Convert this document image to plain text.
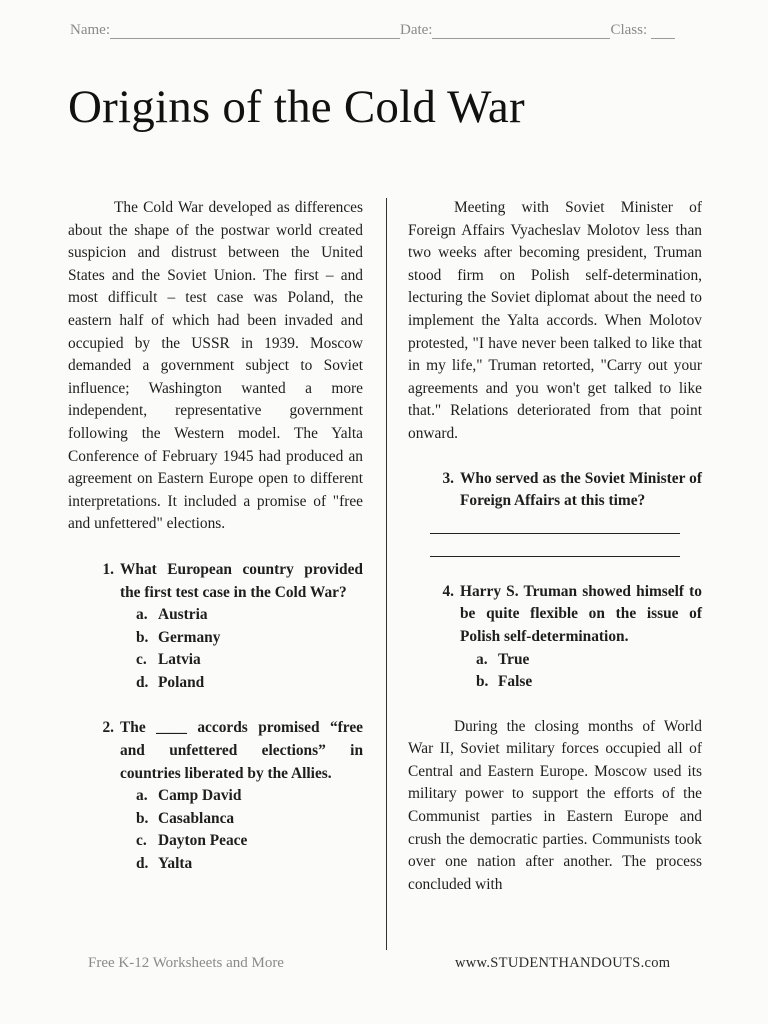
Name:	Date:	Class:
Origins of the Cold War

The Cold War developed as differences about the shape of the postwar world created suspicion and distrust between the United States and the Soviet Union. The first – and most difficult – test case was Poland, the eastern half of which had been invaded and occupied by the USSR in 1939. Moscow demanded a government subject to Soviet influence; Washington wanted a more independent, representative government following the Western model. The Yalta Conference of February 1945 had produced an agreement on Eastern Europe open to different interpretations. It included a promise of "free and unfettered" elections.

1. What European country provided the first test case in the Cold War?
a. Austria
b. Germany
c. Latvia
d. Poland
2. The ____ accords promised “free and unfettered elections” in countries liberated by the Allies.
a. Camp David
b. Casablanca
c. Dayton Peace
d. Yalta

Meeting with Soviet Minister of Foreign Affairs Vyacheslav Molotov less than two weeks after becoming president, Truman stood firm on Polish self-determination, lecturing the Soviet diplomat about the need to implement the Yalta accords. When Molotov protested, "I have never been talked to like that in my life," Truman retorted, "Carry out your agreements and you won't get talked to like that." Relations deteriorated from that point onward.

3. Who served as the Soviet Minister of Foreign Affairs at this time?
4. Harry S. Truman showed himself to be quite flexible on the issue of Polish self-determination.
a. True
b. False

During the closing months of World War II, Soviet military forces occupied all of Central and Eastern Europe. Moscow used its military power to support the efforts of the Communist parties in Eastern Europe and crush the democratic parties. Communists took over one nation after another. The process concluded with

Free K-12 Worksheets and More	www.STUDENTHANDOUTS.com
